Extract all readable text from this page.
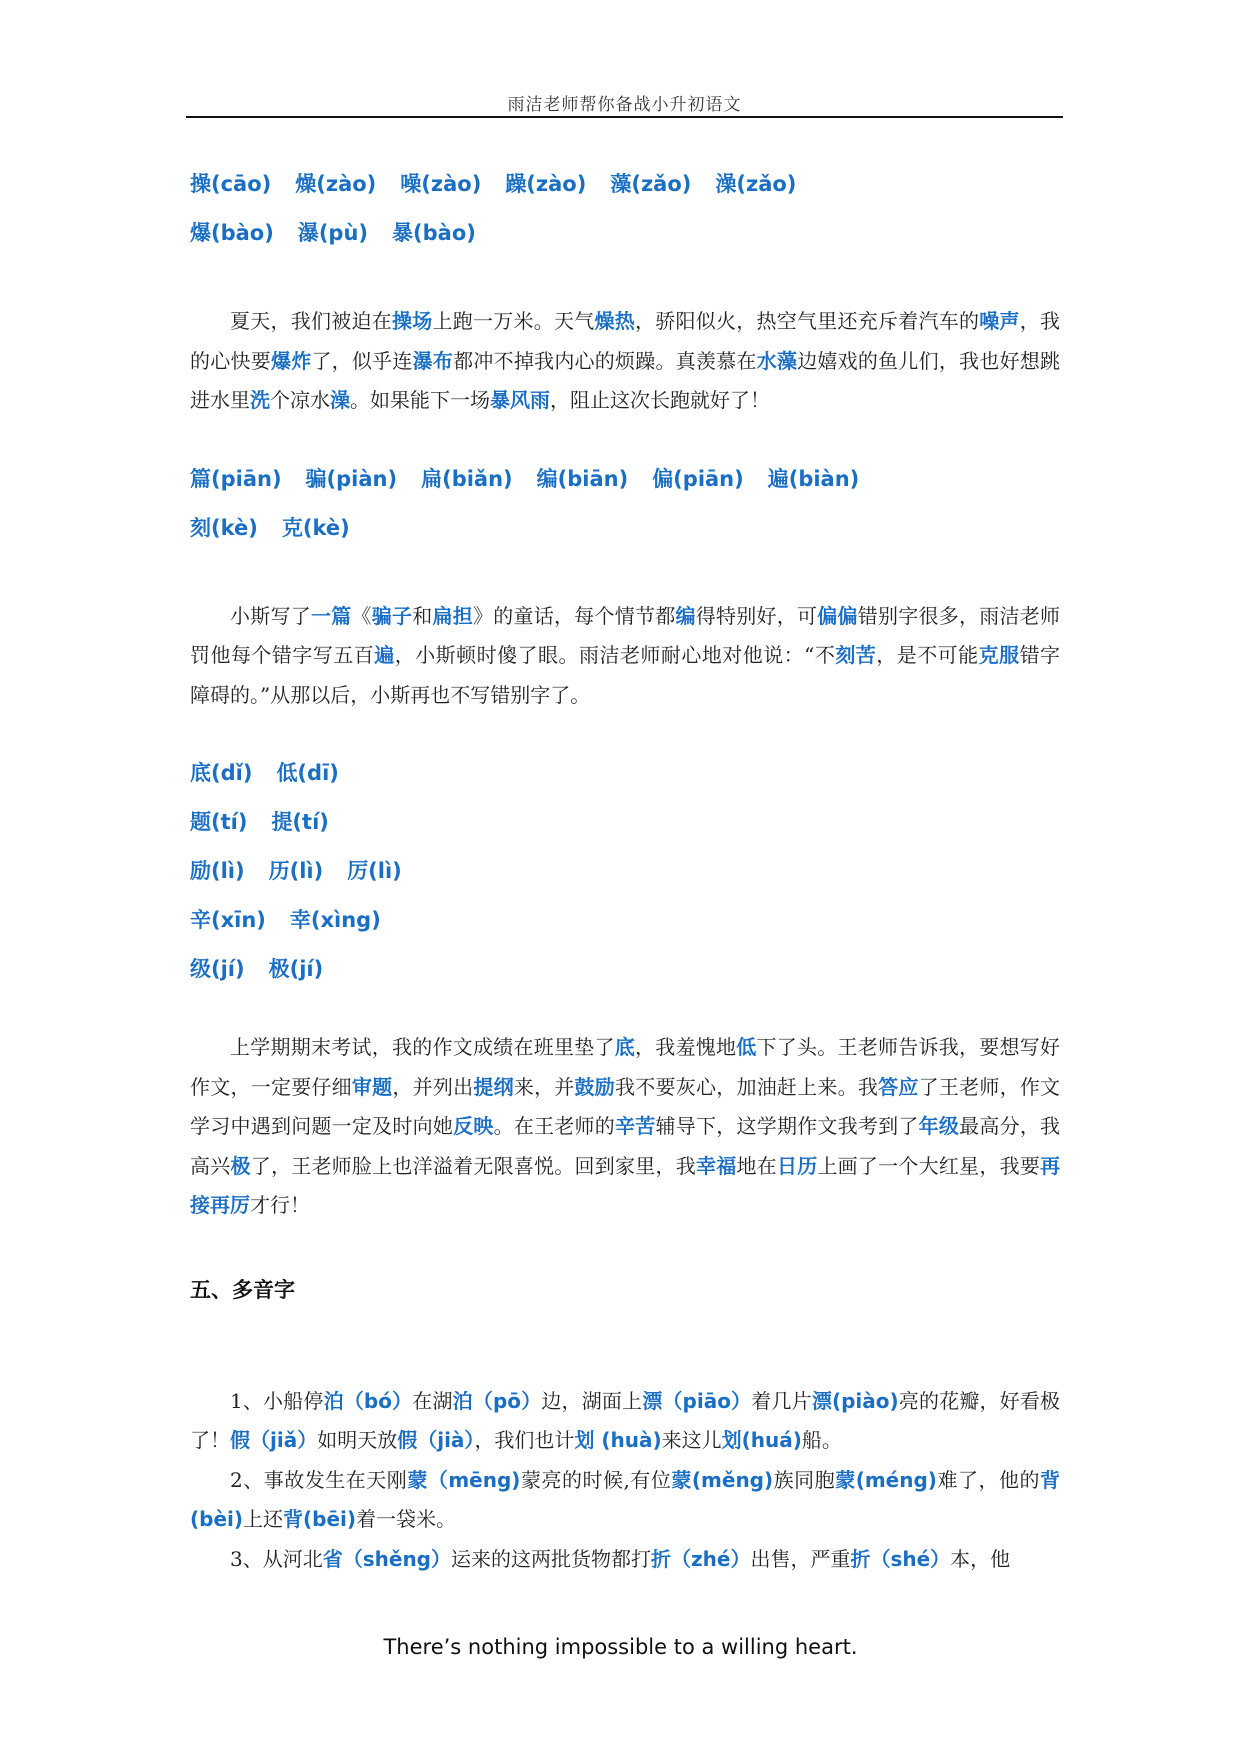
雨洁老师帮你备战小升初语文
操(cāo) 燥(zào) 噪(zào) 躁(zào) 藻(zǎo) 澡(zǎo)
爆(bào) 瀑(pù) 暴(bào)

夏天，我们被迫在操场上跑一万米。天气燥热，骄阳似火，热空气里还充斥着汽车的噪声，我的心快要爆炸了，似乎连瀑布都冲不掉我内心的烦躁。真羡慕在水藻边嬉戏的鱼儿们，我也好想跳进水里洗个凉水澡。如果能下一场暴风雨，阻止这次长跑就好了！

篇(piān) 骗(piàn) 扁(biǎn) 编(biān) 偏(piān) 遍(biàn)
刻(kè) 克(kè)

小斯写了一篇《骗子和扁担》的童话，每个情节都编得特别好，可偏偏错别字很多，雨洁老师罚他每个错字写五百遍，小斯顿时傻了眼。雨洁老师耐心地对他说：“不刻苦，是不可能克服错字障碍的。”从那以后，小斯再也不写错别字了。

底(dǐ) 低(dī)
题(tí) 提(tí)
励(lì) 历(lì) 厉(lì)
辛(xīn) 幸(xìng)
级(jí) 极(jí)

上学期期末考试，我的作文成绩在班里垫了底，我羞愧地低下了头。王老师告诉我，要想写好作文，一定要仔细审题，并列出提纲来，并鼓励我不要灰心，加油赶上来。我答应了王老师，作文学习中遇到问题一定及时向她反映。在王老师的辛苦辅导下，这学期作文我考到了年级最高分，我高兴极了，王老师脸上也洋溢着无限喜悦。回到家里，我幸福地在日历上画了一个大红星，我要再接再厉才行！

五、多音字

1、小船停泊（bó）在湖泊（pō）边，湖面上漂（piāo）着几片漂(piào)亮的花瓣，好看极了！假（jiǎ）如明天放假（jià），我们也计划 (huà)来这儿划(huá)船。

2、事故发生在天刚蒙（mēng)蒙亮的时候,有位蒙(měng)族同胞蒙(méng)难了，他的背(bèi)上还背(bēi)着一袋米。

3、从河北省（shěng）运来的这两批货物都打折（zhé）出售，严重折（shé）本，他

There’s nothing impossible to a willing heart.
